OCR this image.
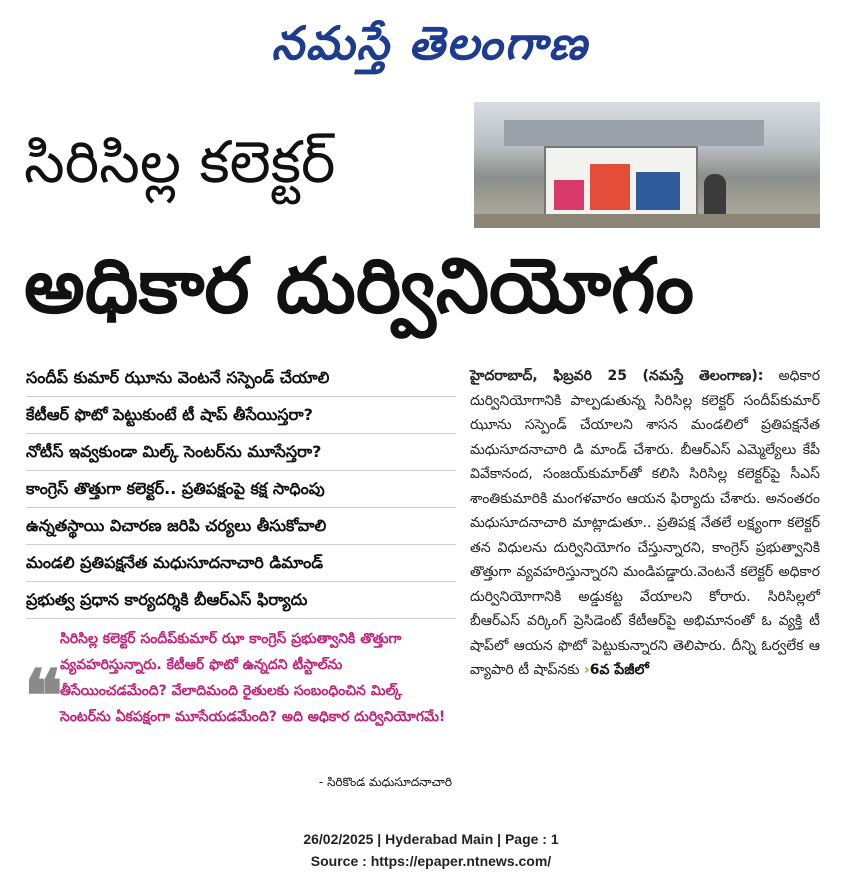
నమస్తే తెలంగాణ
సిరిసిల్ల కలెక్టర్
అధికార దుర్వినియోగం
సందీప్ కుమార్ ఝూను వెంటనే సస్పెండ్ చేయాలి
కేటీఆర్ ఫొటో పెట్టుకుంటే టీ షాప్ తీసేయిస్తరా?
నోటీస్ ఇవ్వకుండా మిల్క్ సెంటర్‌ను మూసేస్తరా?
కాంగ్రెస్ తొత్తుగా కలెక్టర్.. ప్రతిపక్షంపై కక్ష సాధింపు
ఉన్నతస్థాయి విచారణ జరిపి చర్యలు తీసుకోవాలి
మండలి ప్రతిపక్షనేత మధుసూదనాచారి డిమాండ్
ప్రభుత్వ ప్రధాన కార్యదర్శికి బీఆర్ఎస్ ఫిర్యాదు
❝
సిరిసిల్ల కలెక్టర్ సందీప్‌కుమార్ ఝా కాంగ్రెస్ ప్రభుత్వానికి తొత్తుగా వ్యవహరిస్తున్నారు. కేటీఆర్ ఫొటో ఉన్నదని టీస్టాల్‌ను తీసేయించడమేంది? వేలాదిమంది రైతులకు సంబంధించిన మిల్క్ సెంటర్‌ను ఏకపక్షంగా మూసేయడమేంది? అది అధికార దుర్వినియోగమే!
- సిరికొండ మధుసూదనాచారి
హైదరాబాద్, ఫిబ్రవరి 25 (నమస్తే తెలంగాణ): అధికార దుర్వినియోగానికి పాల్పడుతున్న సిరిసిల్ల కలెక్టర్ సందీప్‌కుమార్ ఝూను సస్పెండ్ చేయాలని శాసన మండలిలో ప్రతిపక్షనేత మధుసూదనాచారి డి మాండ్ చేశారు. బీఆర్ఎస్ ఎమ్మెల్యేలు కేపీ వివేకానంద, సంజయ్‌కుమార్‌తో కలిసి సిరిసిల్ల కలెక్టర్‌పై సీఎస్ శాంతికుమారికి మంగళవారం ఆయన ఫిర్యాదు చేశారు. అనంతరం మధుసూదనాచారి మాట్లాడుతూ.. ప్రతిపక్ష నేతలే లక్ష్యంగా కలెక్టర్ తన విధులను దుర్వినియోగం చేస్తున్నారని, కాంగ్రెస్ ప్రభుత్వానికి తొత్తుగా వ్యవహరిస్తున్నారని మండిపడ్డారు.వెంటనే కలెక్టర్ అధికార దుర్వినియోగానికి అడ్డుకట్ట వేయాలని కోరారు. సిరిసిల్లలో బీఆర్ఎస్ వర్కింగ్ ప్రెసిడెంట్ కేటీఆర్‌పై అభిమానంతో ఓ వ్యక్తి టీ షాప్‌లో ఆయన ఫొటో పెట్టుకున్నారని తెలిపారు. దీన్ని ఓర్వలేక ఆ వ్యాపారి టీ షాప్‌నకు ›6వ పేజీలో
26/02/2025 | Hyderabad Main | Page : 1
Source : https://epaper.ntnews.com/
